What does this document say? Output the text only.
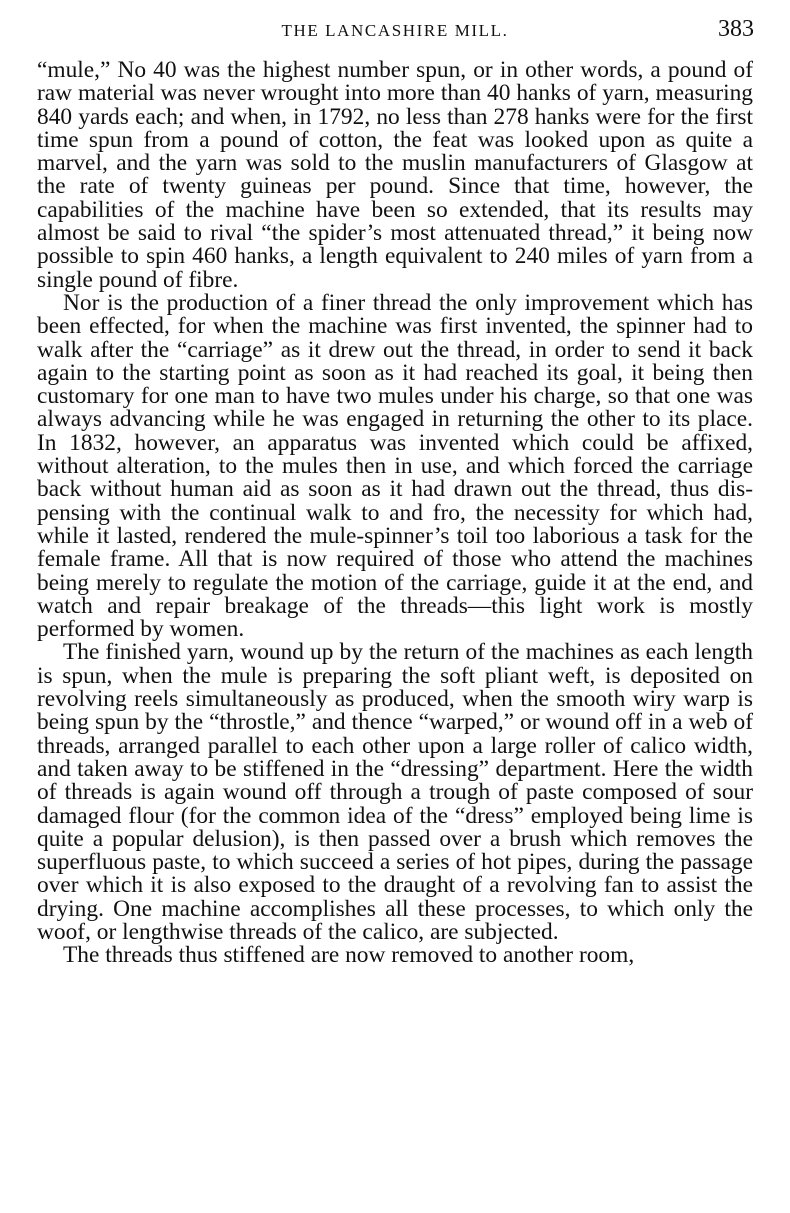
THE LANCASHIRE MILL.	383

“mule,” No 40 was the highest number spun, or in other words, a pound of raw material was never wrought into more than 40 hanks of yarn, measuring 840 yards each; and when, in 1792, no less than 278 hanks were for the first time spun from a pound of cotton, the feat was looked upon as quite a marvel, and the yarn was sold to the muslin manufacturers of Glasgow at the rate of twenty guineas per pound. Since that time, however, the capabilities of the machine have been so extended, that its results may almost be said to rival “the spider’s most attenuated thread,” it being now possible to spin 460 hanks, a length equivalent to 240 miles of yarn from a single pound of fibre.

Nor is the production of a finer thread the only improvement which has been effected, for when the machine was first invented, the spinner had to walk after the “carriage” as it drew out the thread, in order to send it back again to the starting point as soon as it had reached its goal, it being then customary for one man to have two mules under his charge, so that one was always advancing while he was engaged in returning the other to its place. In 1832, however, an apparatus was invented which could be affixed, without alteration, to the mules then in use, and which forced the carriage back without human aid as soon as it had drawn out the thread, thus dispensing with the continual walk to and fro, the necessity for which had, while it lasted, rendered the mule-spinner’s toil too laborious a task for the female frame. All that is now required of those who attend the machines being merely to regulate the motion of the carriage, guide it at the end, and watch and repair breakage of the threads—this light work is mostly performed by women.

The finished yarn, wound up by the return of the machines as each length is spun, when the mule is preparing the soft pliant weft, is deposited on revolving reels simultaneously as produced, when the smooth wiry warp is being spun by the “throstle,” and thence “warped,” or wound off in a web of threads, arranged parallel to each other upon a large roller of calico width, and taken away to be stiffened in the “dressing” department. Here the width of threads is again wound off through a trough of paste composed of sour damaged flour (for the common idea of the “dress” employed being lime is quite a popular delusion), is then passed over a brush which removes the superfluous paste, to which succeed a series of hot pipes, during the passage over which it is also exposed to the draught of a revolving fan to assist the drying. One machine accomplishes all these processes, to which only the woof, or lengthwise threads of the calico, are subjected.

The threads thus stiffened are now removed to another room,
